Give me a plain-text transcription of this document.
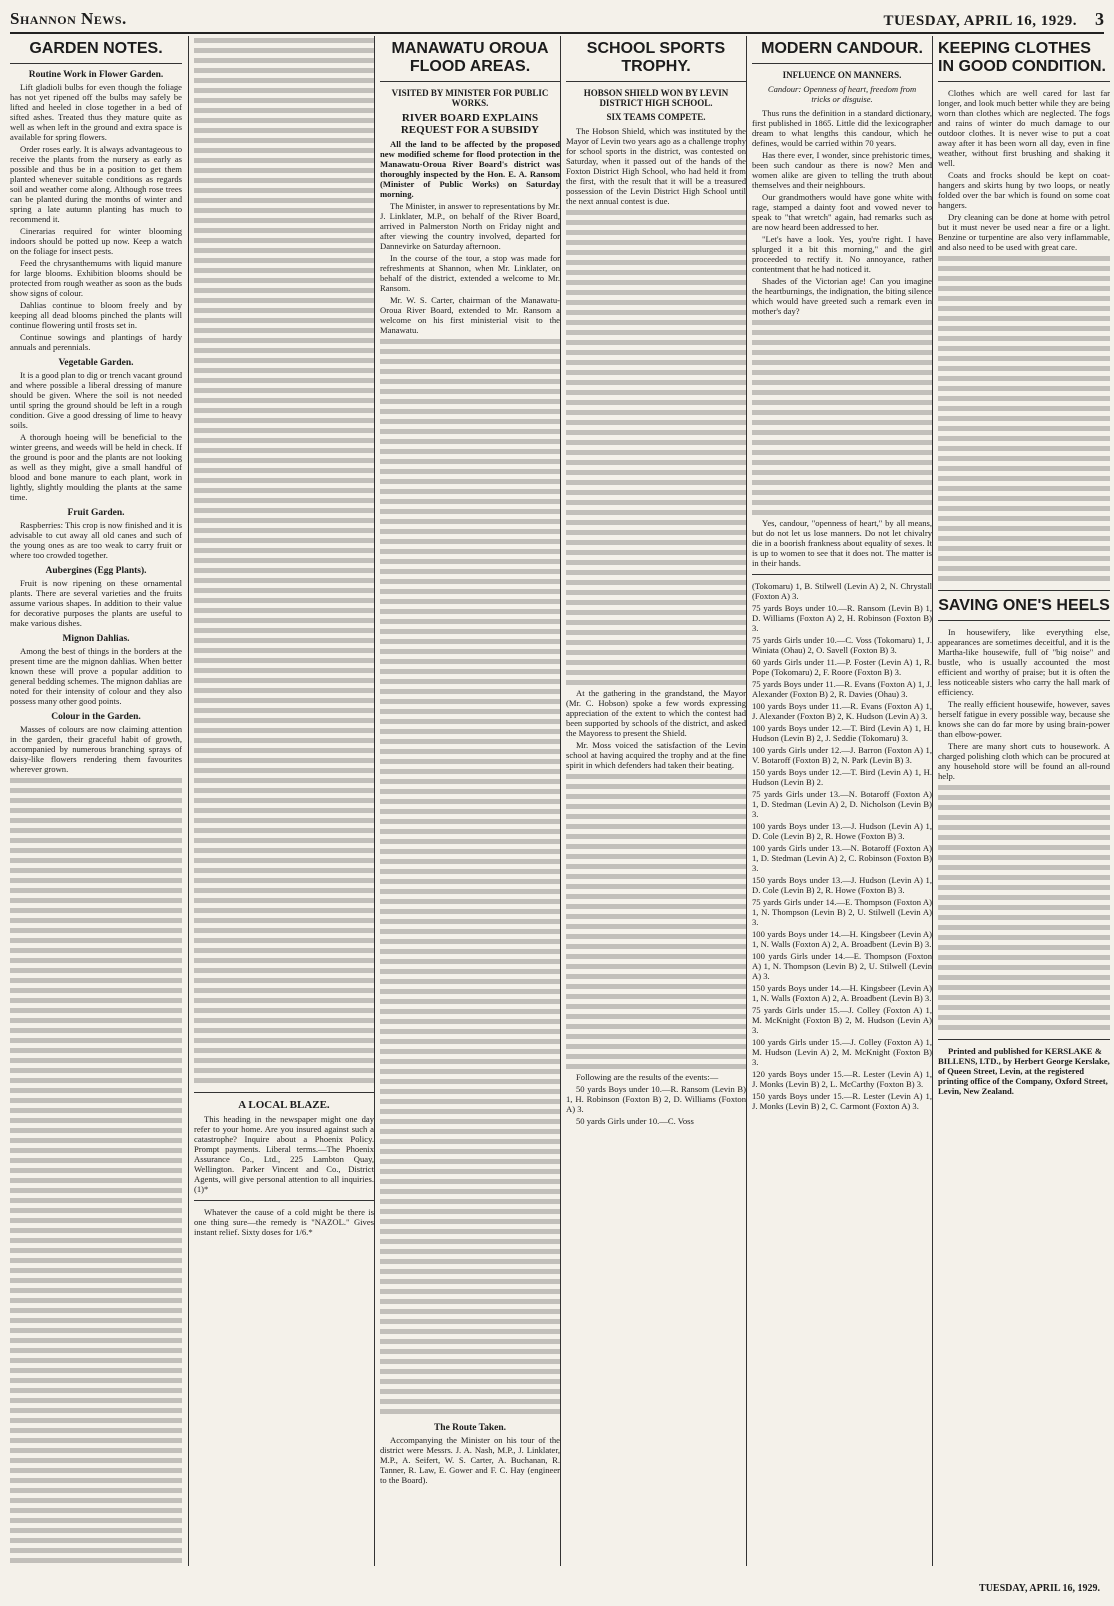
Shannon News.	TUESDAY, APRIL 16, 1929. 3
GARDEN NOTES.
Routine Work in Flower Garden.

Lift gladioli bulbs for even though the foliage has not yet ripened off the bulbs may safely be lifted and heeled in close together in a bed of sifted ashes. Treated thus they mature quite as well as when left in the ground and extra space is available for spring flowers.

Order roses early. It is always advantageous to receive the plants from the nursery as early as possible and thus be in a position to get them planted whenever suitable conditions as regards soil and weather come along. Although rose trees can be planted during the months of winter and spring a late autumn planting has much to recommend it.

Cinerarias required for winter blooming indoors should be potted up now. Keep a watch on the foliage for insect pests.

Feed the chrysanthemums with liquid manure for large blooms. Exhibition blooms should be protected from rough weather as soon as the buds show signs of colour.

Dahlias continue to bloom freely and by keeping all dead blooms pinched the plants will continue flowering until frosts set in.

Continue sowings and plantings of hardy annuals and perennials.

Vegetable Garden.

It is a good plan to dig or trench vacant ground and where possible a liberal dressing of manure should be given. Where the soil is not needed until spring the ground should be left in a rough condition. Give a good dressing of lime to heavy soils.

A thorough hoeing will be beneficial to the winter greens, and weeds will be held in check. If the ground is poor and the plants are not looking as well as they might, give a small handful of blood and bone manure to each plant, work in lightly, slightly moulding the plants at the same time.

Fruit Garden.

Raspberries: This crop is now finished and it is advisable to cut away all old canes and such of the young ones as are too weak to carry fruit or where too crowded together.

Aubergines (Egg Plants).

Fruit is now ripening on these ornamental plants. There are several varieties and the fruits assume various shapes. In addition to their value for decorative purposes the plants are useful to make various dishes.

Mignon Dahlias.

Among the best of things in the borders at the present time are the mignon dahlias. When better known these will prove a popular addition to general bedding schemes. The mignon dahlias are noted for their intensity of colour and they also possess many other good points.

Colour in the Garden.

Masses of colours are now claiming attention in the garden, their graceful habit of growth, accompanied by numerous branching sprays of daisy-like flowers rendering them favourites wherever grown.

A LOCAL BLAZE.

This heading in the newspaper might one day refer to your home. Are you insured against such a catastrophe? Inquire about a Phoenix Policy. Prompt payments. Liberal terms.—The Phoenix Assurance Co., Ltd., 225 Lambton Quay, Wellington. Parker Vincent and Co., District Agents, will give personal attention to all inquiries. (1)*

Whatever the cause of a cold might be there is one thing sure—the remedy is "NAZOL." Gives instant relief. Sixty doses for 1/6.*

MANAWATU OROUA FLOOD AREAS.
VISITED BY MINISTER FOR PUBLIC WORKS.
RIVER BOARD EXPLAINS REQUEST FOR A SUBSIDY

All the land to be affected by the proposed new modified scheme for flood protection in the Manawatu-Oroua River Board's district was thoroughly inspected by the Hon. E. A. Ransom (Minister of Public Works) on Saturday morning.

The Minister, in answer to representations by Mr. J. Linklater, M.P., on behalf of the River Board, arrived in Palmerston North on Friday night and after viewing the country involved, departed for Dannevirke on Saturday afternoon.

In the course of the tour, a stop was made for refreshments at Shannon, when Mr. Linklater, on behalf of the district, extended a welcome to Mr. Ransom.

Mr. W. S. Carter, chairman of the Manawatu-Oroua River Board, extended to Mr. Ransom a welcome on his first ministerial visit to the Manawatu.

The Route Taken.

Accompanying the Minister on his tour of the district were Messrs. J. A. Nash, M.P., J. Linklater, M.P., A. Seifert, W. S. Carter, A. Buchanan, R. Tanner, R. Law, E. Gower and F. C. Hay (engineer to the Board).

SCHOOL SPORTS TROPHY.
HOBSON SHIELD WON BY LEVIN DISTRICT HIGH SCHOOL.
SIX TEAMS COMPETE.

The Hobson Shield, which was instituted by the Mayor of Levin two years ago as a challenge trophy for school sports in the district, was contested on Saturday, when it passed out of the hands of the Foxton District High School, who had held it from the first, with the result that it will be a treasured possession of the Levin District High School until the next annual contest is due.

At the gathering in the grandstand, the Mayor (Mr. C. Hobson) spoke a few words expressing appreciation of the extent to which the contest had been supported by schools of the district, and asked the Mayoress to present the Shield.

Mr. Moss voiced the satisfaction of the Levin school at having acquired the trophy and at the fine spirit in which defenders had taken their beating.

Following are the results of the events:—

50 yards Boys under 10.—R. Ransom (Levin B) 1, H. Robinson (Foxton B) 2, D. Williams (Foxton A) 3.

50 yards Girls under 10.—C. Voss

MODERN CANDOUR.
INFLUENCE ON MANNERS.
Candour: Openness of heart, freedom from tricks or disguise.

Thus runs the definition in a standard dictionary, first published in 1865. Little did the lexicographer dream to what lengths this candour, which he defines, would be carried within 70 years.

Has there ever, I wonder, since prehistoric times, been such candour as there is now? Men and women alike are given to telling the truth about themselves and their neighbours.

Our grandmothers would have gone white with rage, stamped a dainty foot and vowed never to speak to "that wretch" again, had remarks such as are now heard been addressed to her.

"Let's have a look. Yes, you're right. I have splurged it a bit this morning," and the girl proceeded to rectify it. No annoyance, rather contentment that he had noticed it.

Shades of the Victorian age! Can you imagine the heartburnings, the indignation, the biting silence which would have greeted such a remark even in mother's day?

Yes, candour, "openness of heart," by all means, but do not let us lose manners. Do not let chivalry die in a boorish frankness about equality of sexes. It is up to women to see that it does not. The matter is in their hands.

(Tokomaru) 1, B. Stilwell (Levin A) 2, N. Chrystall (Foxton A) 3.

75 yards Boys under 10.—R. Ransom (Levin B) 1, D. Williams (Foxton A) 2, H. Robinson (Foxton B) 3.

75 yards Girls under 10.—C. Voss (Tokomaru) 1, J. Winiata (Ohau) 2, O. Savell (Foxton B) 3.

60 yards Girls under 11.—P. Foster (Levin A) 1, R. Pope (Tokomaru) 2, F. Roore (Foxton B) 3.

75 yards Boys under 11.—R. Evans (Foxton A) 1, J. Alexander (Foxton B) 2, R. Davies (Ohau) 3.

100 yards Boys under 11.—R. Evans (Foxton A) 1, J. Alexander (Foxton B) 2, K. Hudson (Levin A) 3.

100 yards Boys under 12.—T. Bird (Levin A) 1, H. Hudson (Levin B) 2, J. Seddie (Tokomaru) 3.

100 yards Girls under 12.—J. Barron (Foxton A) 1, V. Botaroff (Foxton B) 2, N. Park (Levin B) 3.

150 yards Boys under 12.—T. Bird (Levin A) 1, H. Hudson (Levin B) 2.

75 yards Girls under 13.—N. Botaroff (Foxton A) 1, D. Stedman (Levin A) 2, D. Nicholson (Levin B) 3.

100 yards Boys under 13.—J. Hudson (Levin A) 1, D. Cole (Levin B) 2, R. Howe (Foxton B) 3.

100 yards Girls under 13.—N. Botaroff (Foxton A) 1, D. Stedman (Levin A) 2, C. Robinson (Foxton B) 3.

150 yards Boys under 13.—J. Hudson (Levin A) 1, D. Cole (Levin B) 2, R. Howe (Foxton B) 3.

75 yards Girls under 14.—E. Thompson (Foxton A) 1, N. Thompson (Levin B) 2, U. Stilwell (Levin A) 3.

100 yards Boys under 14.—H. Kingsbeer (Levin A) 1, N. Walls (Foxton A) 2, A. Broadbent (Levin B) 3.

100 yards Girls under 14.—E. Thompson (Foxton A) 1, N. Thompson (Levin B) 2, U. Stilwell (Levin A) 3.

150 yards Boys under 14.—H. Kingsbeer (Levin A) 1, N. Walls (Foxton A) 2, A. Broadbent (Levin B) 3.

75 yards Girls under 15.—J. Colley (Foxton A) 1, M. McKnight (Foxton B) 2, M. Hudson (Levin A) 3.

100 yards Girls under 15.—J. Colley (Foxton A) 1, M. Hudson (Levin A) 2, M. McKnight (Foxton B) 3.

120 yards Boys under 15.—R. Lester (Levin A) 1, J. Monks (Levin B) 2, L. McCarthy (Foxton B) 3.

150 yards Boys under 15.—R. Lester (Levin A) 1, J. Monks (Levin B) 2, C. Carmont (Foxton A) 3.

KEEPING CLOTHES IN GOOD CONDITION.

Clothes which are well cared for last far longer, and look much better while they are being worn than clothes which are neglected. The fogs and rains of winter do much damage to our outdoor clothes. It is never wise to put a coat away after it has been worn all day, even in fine weather, without first brushing and shaking it well.

Coats and frocks should be kept on coat-hangers and skirts hung by two loops, or neatly folded over the bar which is found on some coat hangers.

Dry cleaning can be done at home with petrol but it must never be used near a fire or a light. Benzine or turpentine are also very inflammable, and also need to be used with great care.

SAVING ONE'S HEELS

In housewifery, like everything else, appearances are sometimes deceitful, and it is the Martha-like housewife, full of "big noise" and bustle, who is usually accounted the most efficient and worthy of praise; but it is often the less noticeable sisters who carry the hall mark of efficiency.

The really efficient housewife, however, saves herself fatigue in every possible way, because she knows she can do far more by using brain-power than elbow-power.

There are many short cuts to housework. A charged polishing cloth which can be procured at any household store will be found an all-round help.

Printed and published for KERSLAKE & BILLENS, LTD., by Herbert George Kerslake, of Queen Street, Levin, at the registered printing office of the Company, Oxford Street, Levin, New Zealand.

TUESDAY, APRIL 16, 1929.
